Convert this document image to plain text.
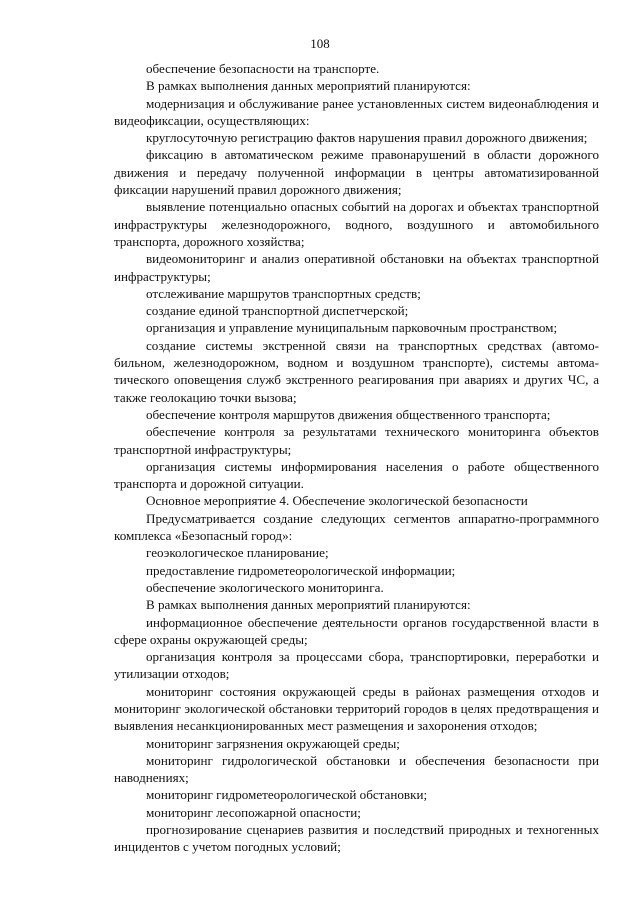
108

обеспечение безопасности на транспорте.

В рамках выполнения данных мероприятий планируются:

модернизация и обслуживание ранее установленных систем видеонаблюдения и видеофиксации, осуществляющих:

круглосуточную регистрацию фактов нарушения правил дорожного движения;

фиксацию в автоматическом режиме правонарушений в области дорожного движения и передачу полученной информации в центры автоматизированной фиксации нарушений правил дорожного движения;

выявление потенциально опасных событий на дорогах и объектах транспортной инфраструктуры железнодорожного, водного, воздушного и автомобильного транспорта, дорожного хозяйства;

видеомониторинг и анализ оперативной обстановки на объектах транспортной инфраструктуры;

отслеживание маршрутов транспортных средств;

создание единой транспортной диспетчерской;

организация и управление муниципальным парковочным пространством;

создание системы экстренной связи на транспортных средствах (автомобильном, железнодорожном, водном и воздушном транспорте), системы автоматического оповещения служб экстренного реагирования при авариях и других ЧС, а также геолокацию точки вызова;

обеспечение контроля маршрутов движения общественного транспорта;

обеспечение контроля за результатами технического мониторинга объектов транспортной инфраструктуры;

организация системы информирования населения о работе общественного транспорта и дорожной ситуации.

Основное мероприятие 4. Обеспечение экологической безопасности

Предусматривается создание следующих сегментов аппаратно-программного комплекса «Безопасный город»:

геоэкологическое планирование;

предоставление гидрометеорологической информации;

обеспечение экологического мониторинга.

В рамках выполнения данных мероприятий планируются:

информационное обеспечение деятельности органов государственной власти в сфере охраны окружающей среды;

организация контроля за процессами сбора, транспортировки, переработки и утилизации отходов;

мониторинг состояния окружающей среды в районах размещения отходов и мониторинг экологической обстановки территорий городов в целях предотвращения и выявления несанкционированных мест размещения и захоронения отходов;

мониторинг загрязнения окружающей среды;

мониторинг гидрологической обстановки и обеспечения безопасности при наводнениях;

мониторинг гидрометеорологической обстановки;

мониторинг лесопожарной опасности;

прогнозирование сценариев развития и последствий природных и техногенных инцидентов с учетом погодных условий;
